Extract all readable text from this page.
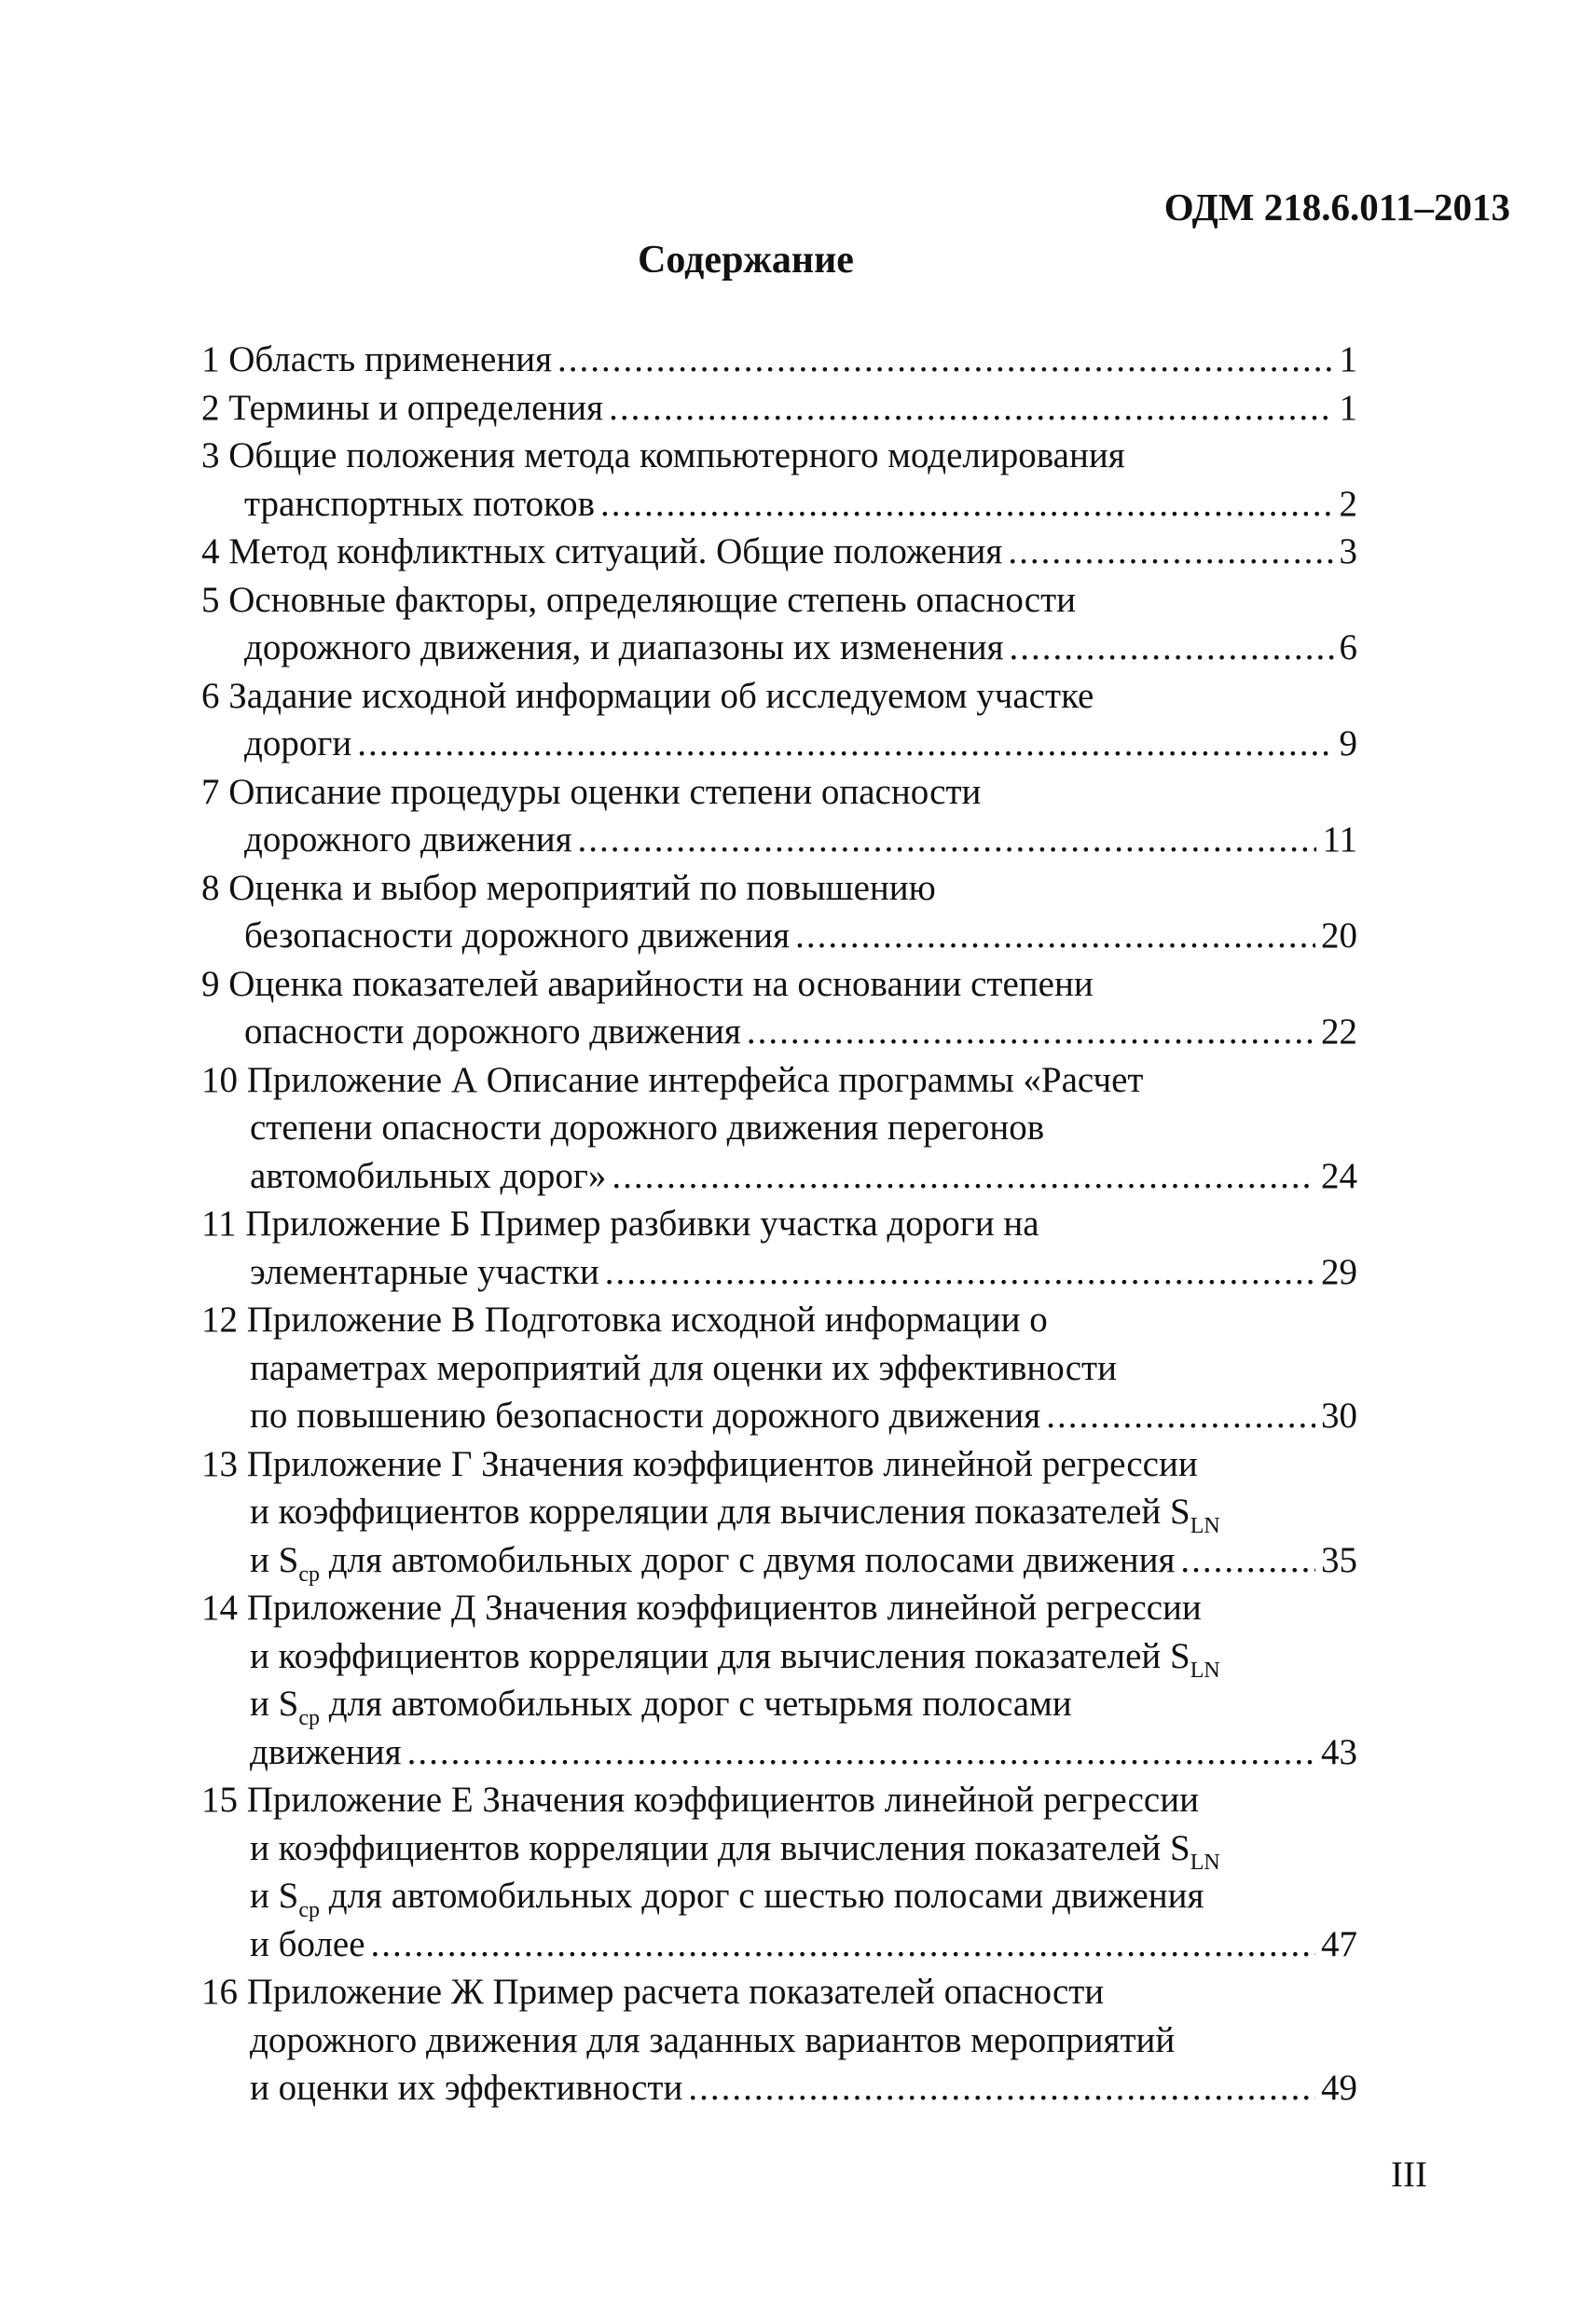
ОДМ 218.6.011–2013
Содержание
1 Область применения .....	1
2 Термины и определения .....	1
3 Общие положения метода компьютерного моделирования
транспортных потоков .....	2
4 Метод конфликтных ситуаций. Общие положения .....	3
5 Основные факторы, определяющие степень опасности
дорожного движения, и диапазоны их изменения .....	6
6 Задание исходной информации об исследуемом участке
дороги .....	9
7 Описание процедуры оценки степени опасности
дорожного движения .....	11
8 Оценка и выбор мероприятий по повышению
безопасности дорожного движения .....	20
9 Оценка показателей аварийности на основании степени
опасности дорожного движения .....	22
10 Приложение А Описание интерфейса программы «Расчет
степени опасности дорожного движения перегонов
автомобильных дорог» .....	24
11 Приложение Б Пример разбивки участка дороги на
элементарные участки .....	29
12 Приложение В Подготовка исходной информации о
параметрах мероприятий для оценки их эффективности
по повышению безопасности дорожного движения .....	30
13 Приложение Г Значения коэффициентов линейной регрессии
и коэффициентов корреляции для вычисления показателей $S_{LN}$
и $S_{ср}$ для автомобильных дорог с двумя полосами движения .....	35
14 Приложение Д Значения коэффициентов линейной регрессии
и коэффициентов корреляции для вычисления показателей $S_{LN}$
и $S_{ср}$ для автомобильных дорог с четырьмя полосами
движения .....	43
15 Приложение Е Значения коэффициентов линейной регрессии
и коэффициентов корреляции для вычисления показателей $S_{LN}$
и $S_{ср}$ для автомобильных дорог с шестью полосами движения
и более .....	47
16 Приложение Ж Пример расчета показателей опасности
дорожного движения для заданных вариантов мероприятий
и оценки их эффективности .....	49
III
